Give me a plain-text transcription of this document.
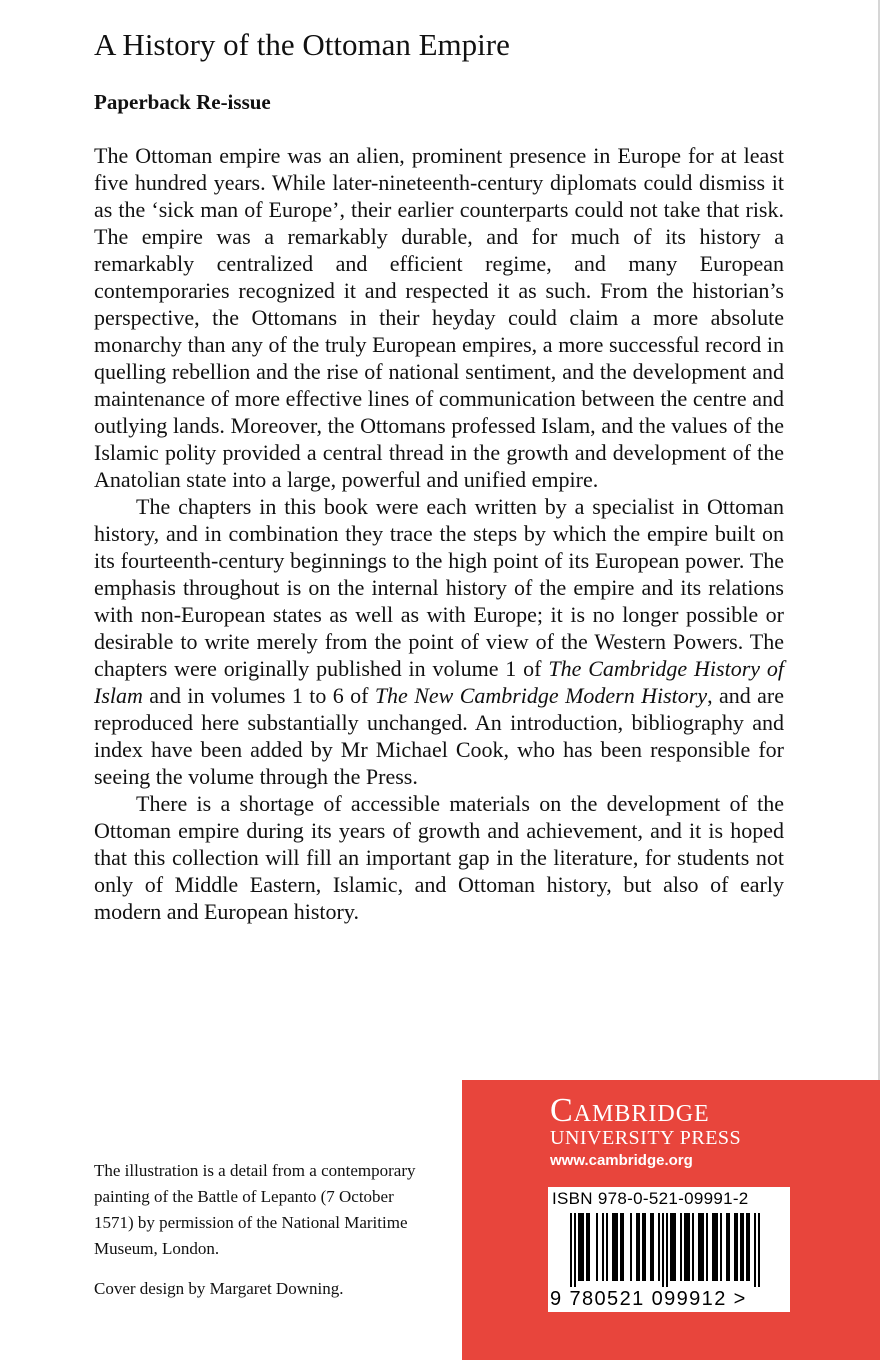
A History of the Ottoman Empire
Paperback Re-issue

The Ottoman empire was an alien, prominent presence in Europe for at least five hundred years. While later-nineteenth-century diplomats could dismiss it as the ‘sick man of Europe’, their earlier counterparts could not take that risk. The empire was a remarkably durable, and for much of its history a remarkably centralized and efficient regime, and many European contemporaries recognized it and respected it as such. From the historian’s perspective, the Ottomans in their heyday could claim a more absolute monarchy than any of the truly European empires, a more successful record in quelling rebellion and the rise of national sentiment, and the development and maintenance of more effective lines of communication between the centre and outlying lands. Moreover, the Ottomans professed Islam, and the values of the Islamic polity provided a central thread in the growth and development of the Anatolian state into a large, powerful and unified empire.

The chapters in this book were each written by a specialist in Ottoman history, and in combination they trace the steps by which the empire built on its fourteenth-century beginnings to the high point of its European power. The emphasis throughout is on the internal history of the empire and its relations with non-European states as well as with Europe; it is no longer possible or desirable to write merely from the point of view of the Western Powers. The chapters were originally published in volume 1 of The Cambridge History of Islam and in volumes 1 to 6 of The New Cambridge Modern History, and are reproduced here substantially unchanged. An introduction, bibliography and index have been added by Mr Michael Cook, who has been responsible for seeing the volume through the Press.

There is a shortage of accessible materials on the development of the Ottoman empire during its years of growth and achievement, and it is hoped that this collection will fill an important gap in the literature, for students not only of Middle Eastern, Islamic, and Ottoman history, but also of early modern and European history.

The illustration is a detail from a contemporary painting of the Battle of Lepanto (7 October 1571) by permission of the National Maritime Museum, London.

Cover design by Margaret Downing.

Cambridge
UNIVERSITY PRESS
www.cambridge.org
ISBN 978-0-521-09991-2
9 780521 099912 >
